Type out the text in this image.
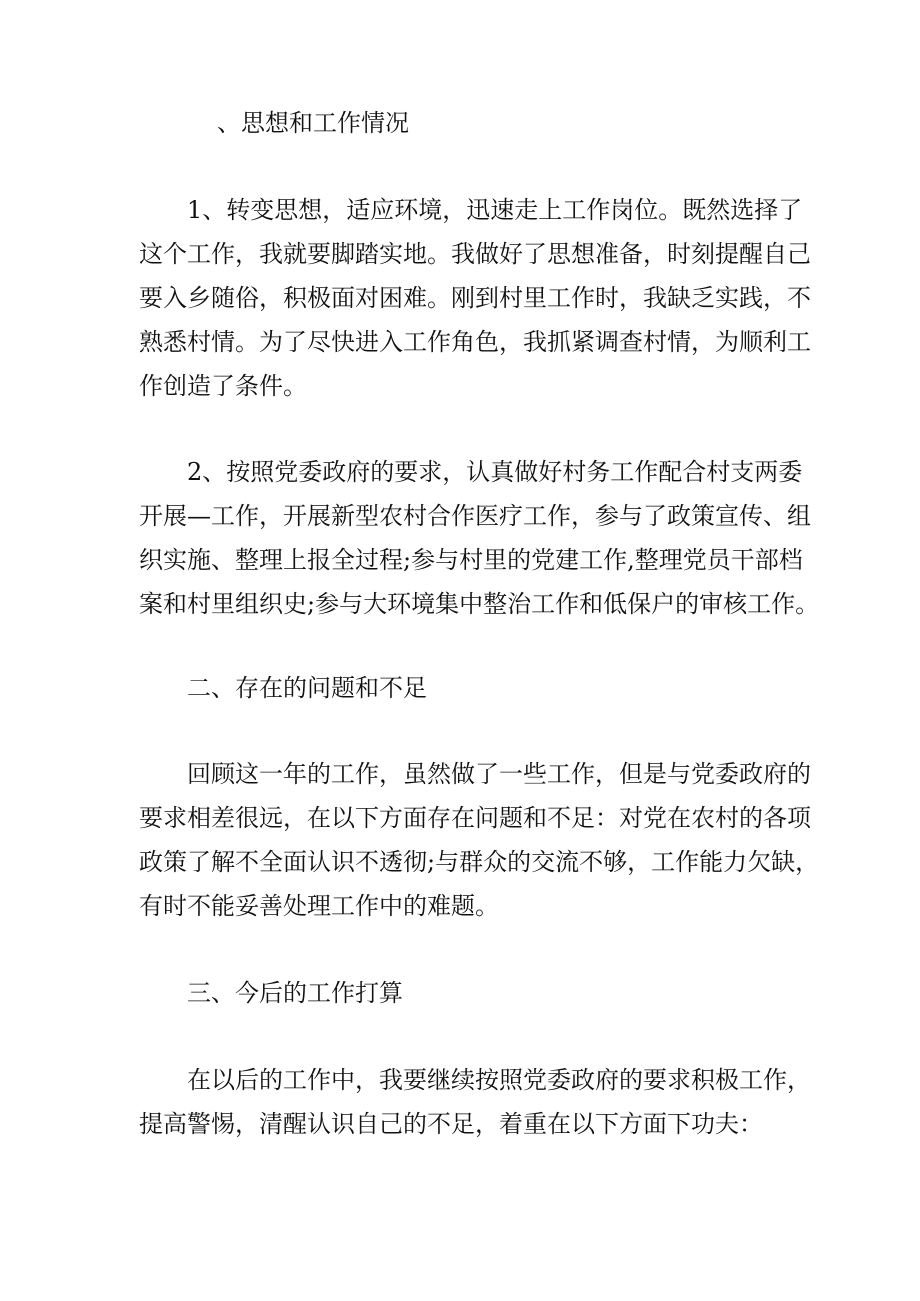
、思想和工作情况
1、转变思想，适应环境，迅速走上工作岗位。既然选择了
这个工作，我就要脚踏实地。我做好了思想准备，时刻提醒自己
要入乡随俗，积极面对困难。刚到村里工作时，我缺乏实践，不
熟悉村情。为了尽快进入工作角色，我抓紧调查村情，为顺利工
作创造了条件。
2、按照党委政府的要求，认真做好村务工作配合村支两委
开展—工作，开展新型农村合作医疗工作，参与了政策宣传、组
织实施、整理上报全过程;参与村里的党建工作,整理党员干部档
案和村里组织史;参与大环境集中整治工作和低保户的审核工作。
二、存在的问题和不足
回顾这一年的工作，虽然做了一些工作，但是与党委政府的
要求相差很远，在以下方面存在问题和不足：对党在农村的各项
政策了解不全面认识不透彻;与群众的交流不够，工作能力欠缺，
有时不能妥善处理工作中的难题。
三、今后的工作打算
在以后的工作中，我要继续按照党委政府的要求积极工作，
提高警惕，清醒认识自己的不足，着重在以下方面下功夫：
